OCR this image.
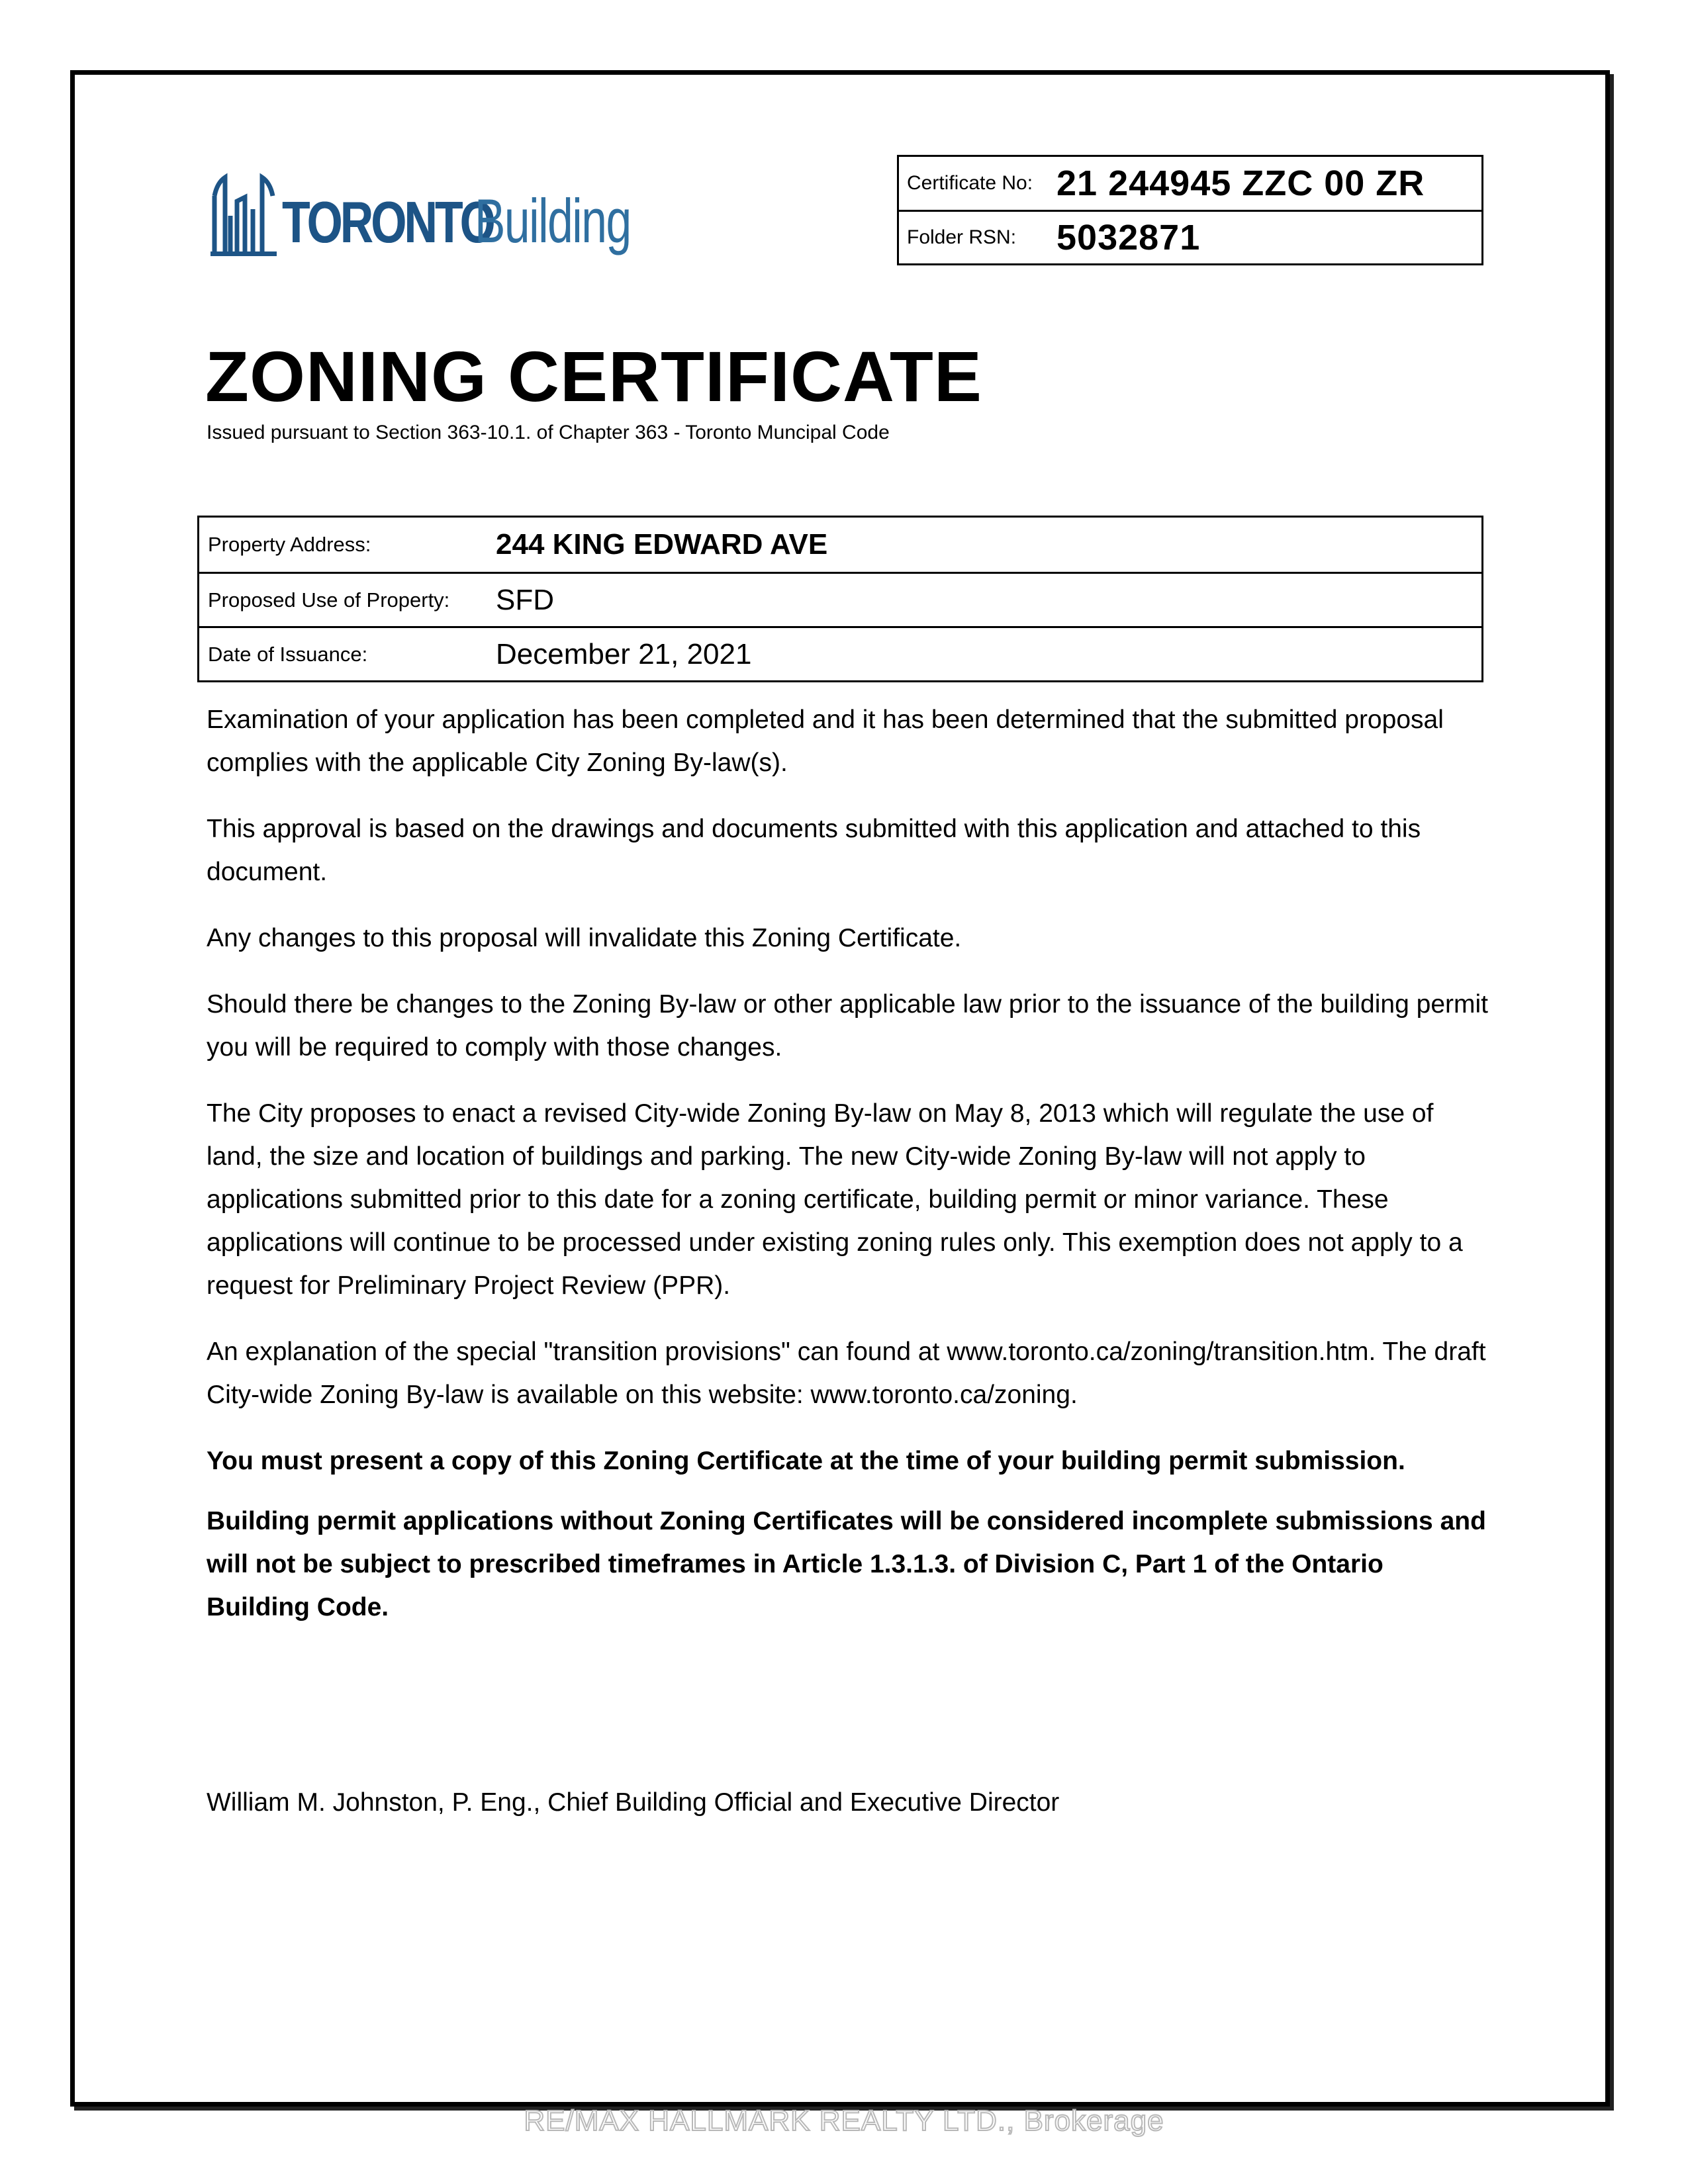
TORONTO
Building
Certificate No: 21 244945 ZZC 00 ZR
Folder RSN:	5032871
ZONING CERTIFICATE
Issued pursuant to Section 363-10.1. of Chapter 363 - Toronto Muncipal Code
Property Address:	244 KING EDWARD AVE
Proposed Use of Property:	SFD
Date of Issuance:	December 21, 2021

Examination of your application has been completed and it has been determined that the submitted proposal complies with the applicable City Zoning By-law(s).

This approval is based on the drawings and documents submitted with this application and attached to this document.

Any changes to this proposal will invalidate this Zoning Certificate.

Should there be changes to the Zoning By-law or other applicable law prior to the issuance of the building permit you will be required to comply with those changes.

The City proposes to enact a revised City-wide Zoning By-law on May 8, 2013 which will regulate the use of land, the size and location of buildings and parking. The new City-wide Zoning By-law will not apply to applications submitted prior to this date for a zoning certificate, building permit or minor variance. These applications will continue to be processed under existing zoning rules only. This exemption does not apply to a request for Preliminary Project Review (PPR).

An explanation of the special "transition provisions" can found at www.toronto.ca/zoning/transition.htm. The draft City-wide Zoning By-law is available on this website: www.toronto.ca/zoning.

You must present a copy of this Zoning Certificate at the time of your building permit submission.

Building permit applications without Zoning Certificates will be considered incomplete submissions and will not be subject to prescribed timeframes in Article 1.3.1.3. of Division C, Part 1 of the Ontario Building Code.

William M. Johnston, P. Eng., Chief Building Official and Executive Director
RE/MAX HALLMARK REALTY LTD., Brokerage
